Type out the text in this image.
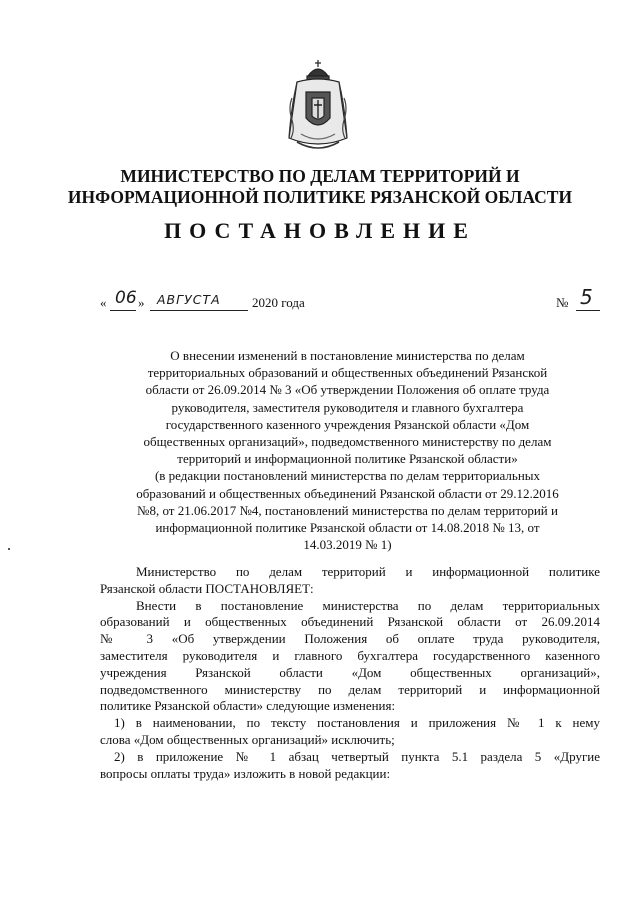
МИНИСТЕРСТВО ПО ДЕЛАМ ТЕРРИТОРИЙ И
ИНФОРМАЦИОННОЙ ПОЛИТИКЕ РЯЗАНСКОЙ ОБЛАСТИ
ПОСТАНОВЛЕНИЕ
« 06 » АВГУСТА 2020 года	№ 5
О внесении изменений в постановление министерства по делам
территориальных образований и общественных объединений Рязанской
области от 26.09.2014 № 3 «Об утверждении Положения об оплате труда
руководителя, заместителя руководителя и главного бухгалтера
государственного казенного учреждения Рязанской области «Дом
общественных организаций», подведомственного министерству по делам
территорий и информационной политике Рязанской области»
(в редакции постановлений министерства по делам территориальных
образований и общественных объединений Рязанской области от 29.12.2016
№8, от 21.06.2017 №4, постановлений министерства по делам территорий и
информационной политике Рязанской области от 14.08.2018 № 13, от
14.03.2019 № 1)
Министерство по делам территорий и информационной политике
Рязанской области ПОСТАНОВЛЯЕТ:
Внести в постановление министерства по делам территориальных
образований и общественных объединений Рязанской области от 26.09.2014
№ 3 «Об утверждении Положения об оплате труда руководителя,
заместителя руководителя и главного бухгалтера государственного казенного
учреждения Рязанской области «Дом общественных организаций»,
подведомственного министерству по делам территорий и информационной
политике Рязанской области» следующие изменения:
1) в наименовании, по тексту постановления и приложения № 1 к нему
слова «Дом общественных организаций» исключить;
2) в приложение № 1 абзац четвертый пункта 5.1 раздела 5 «Другие
вопросы оплаты труда» изложить в новой редакции:
